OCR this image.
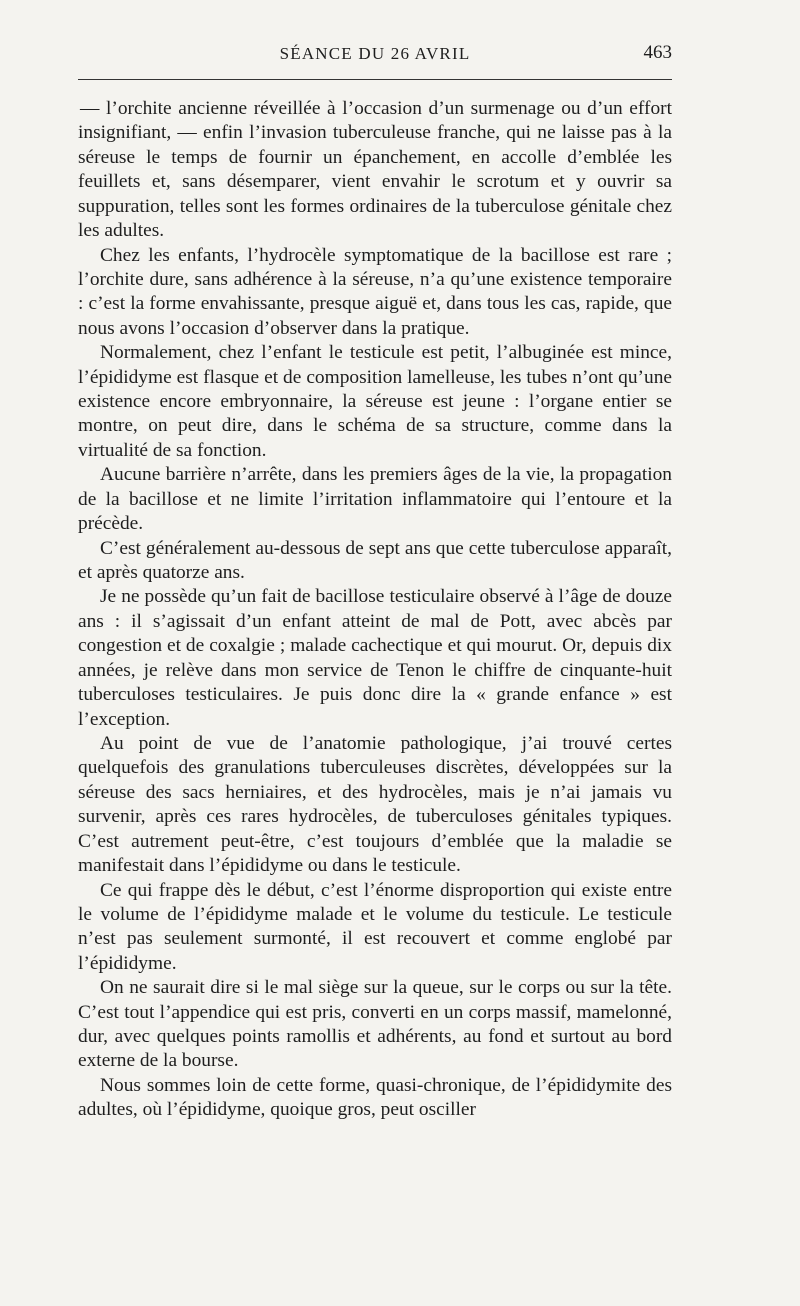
SÉANCE DU 26 AVRIL	463

— l’orchite ancienne réveillée à l’occasion d’un surmenage ou d’un effort insignifiant, — enfin l’invasion tuberculeuse franche, qui ne laisse pas à la séreuse le temps de fournir un épanchement, en accolle d’emblée les feuillets et, sans désemparer, vient envahir le scrotum et y ouvrir sa suppuration, telles sont les formes ordinaires de la tuberculose génitale chez les adultes.

Chez les enfants, l’hydrocèle symptomatique de la bacillose est rare ; l’orchite dure, sans adhérence à la séreuse, n’a qu’une existence temporaire : c’est la forme envahissante, presque aiguë et, dans tous les cas, rapide, que nous avons l’occasion d’observer dans la pratique.

Normalement, chez l’enfant le testicule est petit, l’albuginée est mince, l’épididyme est flasque et de composition lamelleuse, les tubes n’ont qu’une existence encore embryonnaire, la séreuse est jeune : l’organe entier se montre, on peut dire, dans le schéma de sa structure, comme dans la virtualité de sa fonction.

Aucune barrière n’arrête, dans les premiers âges de la vie, la propagation de la bacillose et ne limite l’irritation inflammatoire qui l’entoure et la précède.

C’est généralement au-dessous de sept ans que cette tuberculose apparaît, et après quatorze ans.

Je ne possède qu’un fait de bacillose testiculaire observé à l’âge de douze ans : il s’agissait d’un enfant atteint de mal de Pott, avec abcès par congestion et de coxalgie ; malade cachectique et qui mourut. Or, depuis dix années, je relève dans mon service de Tenon le chiffre de cinquante-huit tuberculoses testiculaires. Je puis donc dire la « grande enfance » est l’exception.

Au point de vue de l’anatomie pathologique, j’ai trouvé certes quelquefois des granulations tuberculeuses discrètes, développées sur la séreuse des sacs herniaires, et des hydrocèles, mais je n’ai jamais vu survenir, après ces rares hydrocèles, de tuberculoses génitales typiques. C’est autrement peut-être, c’est toujours d’emblée que la maladie se manifestait dans l’épididyme ou dans le testicule.

Ce qui frappe dès le début, c’est l’énorme disproportion qui existe entre le volume de l’épididyme malade et le volume du testicule. Le testicule n’est pas seulement surmonté, il est recouvert et comme englobé par l’épididyme.

On ne saurait dire si le mal siège sur la queue, sur le corps ou sur la tête. C’est tout l’appendice qui est pris, converti en un corps massif, mamelonné, dur, avec quelques points ramollis et adhérents, au fond et surtout au bord externe de la bourse.

Nous sommes loin de cette forme, quasi-chronique, de l’épididymite des adultes, où l’épididyme, quoique gros, peut osciller
